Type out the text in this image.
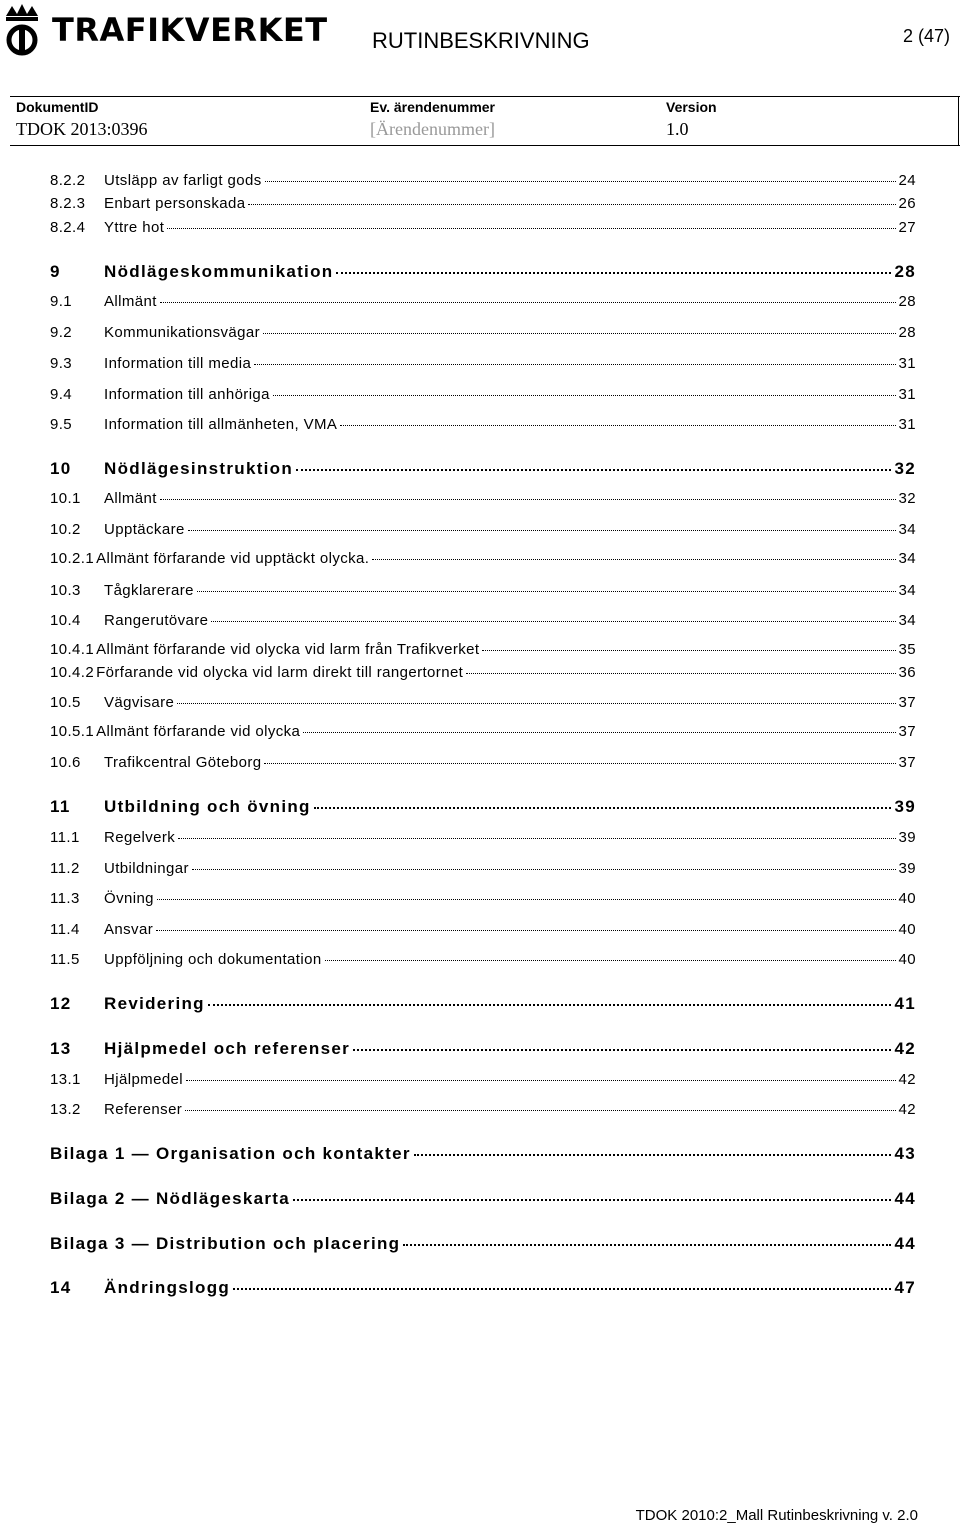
TRAFIKVERKET RUTINBESKRIVNING	2 (47)
DokumentID
TDOK 2013:0396
Ev. ärendenummer
[Ärendenummer]
Version
1.0
8.2.2	Utsläpp av farligt gods	24
8.2.3	Enbart personskada	26
8.2.4	Yttre hot	27
9	Nödlägeskommunikation	28
9.1	Allmänt	28
9.2	Kommunikationsvägar	28
9.3	Information till media	31
9.4	Information till anhöriga	31
9.5	Information till allmänheten, VMA	31
10	Nödlägesinstruktion	32
10.1	Allmänt	32
10.2	Upptäckare	34
10.2.1 Allmänt förfarande vid upptäckt olycka.	34
10.3	Tågklarerare	34
10.4	Rangerutövare	34
10.4.1 Allmänt förfarande vid olycka vid larm från Trafikverket	35
10.4.2 Förfarande vid olycka vid larm direkt till rangertornet	36
10.5	Vägvisare	37
10.5.1 Allmänt förfarande vid olycka	37
10.6	Trafikcentral Göteborg	37
11	Utbildning och övning	39
11.1	Regelverk	39
11.2	Utbildningar	39
11.3	Övning	40
11.4	Ansvar	40
11.5	Uppföljning och dokumentation	40
12	Revidering	41
13	Hjälpmedel och referenser	42
13.1	Hjälpmedel	42
13.2	Referenser	42
Bilaga 1 — Organisation och kontakter	43
Bilaga 2 — Nödlägeskarta	44
Bilaga 3 — Distribution och placering	44
14	Ändringslogg	47
TDOK 2010:2_Mall Rutinbeskrivning v. 2.0
